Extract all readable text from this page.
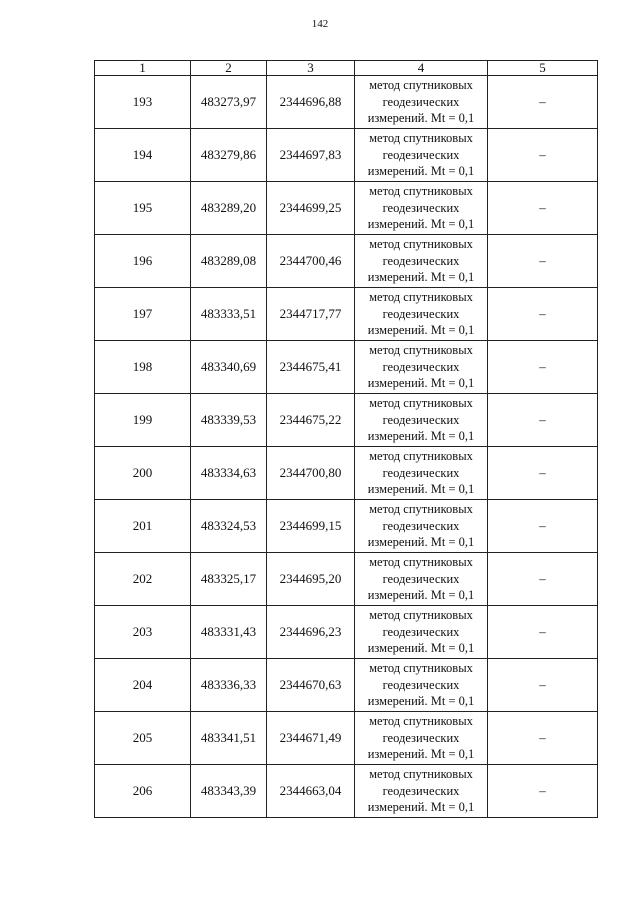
142
1	2	3	4	5
193	483273,97	2344696,88	метод спутниковых
геодезических
измерений. Mt = 0,1	–
194	483279,86	2344697,83	метод спутниковых
геодезических
измерений. Mt = 0,1	–
195	483289,20	2344699,25	метод спутниковых
геодезических
измерений. Mt = 0,1	–
196	483289,08	2344700,46	метод спутниковых
геодезических
измерений. Mt = 0,1	–
197	483333,51	2344717,77	метод спутниковых
геодезических
измерений. Mt = 0,1	–
198	483340,69	2344675,41	метод спутниковых
геодезических
измерений. Mt = 0,1	–
199	483339,53	2344675,22	метод спутниковых
геодезических
измерений. Mt = 0,1	–
200	483334,63	2344700,80	метод спутниковых
геодезических
измерений. Mt = 0,1	–
201	483324,53	2344699,15	метод спутниковых
геодезических
измерений. Mt = 0,1	–
202	483325,17	2344695,20	метод спутниковых
геодезических
измерений. Mt = 0,1	–
203	483331,43	2344696,23	метод спутниковых
геодезических
измерений. Mt = 0,1	–
204	483336,33	2344670,63	метод спутниковых
геодезических
измерений. Mt = 0,1	–
205	483341,51	2344671,49	метод спутниковых
геодезических
измерений. Mt = 0,1	–
206	483343,39	2344663,04	метод спутниковых
геодезических
измерений. Mt = 0,1	–
